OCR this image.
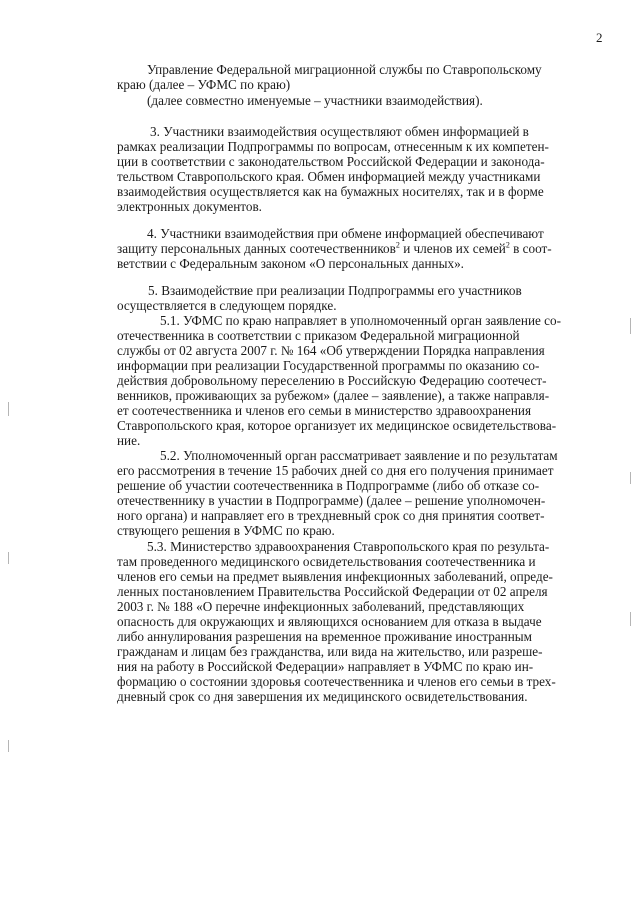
2
Управление Федеральной миграционной службы по Ставропольскому
краю (далее – УФМС по краю)
(далее совместно именуемые – участники взаимодействия).
3. Участники взаимодействия осуществляют обмен информацией в
рамках реализации Подпрограммы по вопросам, отнесенным к их компетен-
ции в соответствии с законодательством Российской Федерации и законода-
тельством Ставропольского края. Обмен информацией между участниками
взаимодействия осуществляется как на бумажных носителях, так и в форме
электронных документов.
4. Участники взаимодействия при обмене информацией обеспечивают
защиту персональных данных соотечественников$^2$ и членов их семей$^2$ в соот-
ветствии с Федеральным законом «О персональных данных».
5. Взаимодействие при реализации Подпрограммы его участников
осуществляется в следующем порядке.
5.1. УФМС по краю направляет в уполномоченный орган заявление со-
отечественника в соответствии с приказом Федеральной миграционной
службы от 02 августа 2007 г. № 164 «Об утверждении Порядка направления
информации при реализации Государственной программы по оказанию со-
действия добровольному переселению в Российскую Федерацию соотечест-
венников, проживающих за рубежом» (далее – заявление), а также направля-
ет соотечественника и членов его семьи в министерство здравоохранения
Ставропольского края, которое организует их медицинское освидетельствова-
ние.
5.2. Уполномоченный орган рассматривает заявление и по результатам
его рассмотрения в течение 15 рабочих дней со дня его получения принимает
решение об участии соотечественника в Подпрограмме (либо об отказе со-
отечественнику в участии в Подпрограмме) (далее – решение уполномочен-
ного органа) и направляет его в трехдневный срок со дня принятия соответ-
ствующего решения в УФМС по краю.
5.3. Министерство здравоохранения Ставропольского края по результа-
там проведенного медицинского освидетельствования соотечественника и
членов его семьи на предмет выявления инфекционных заболеваний, опреде-
ленных постановлением Правительства Российской Федерации от 02 апреля
2003 г. № 188 «О перечне инфекционных заболеваний, представляющих
опасность для окружающих и являющихся основанием для отказа в выдаче
либо аннулирования разрешения на временное проживание иностранным
гражданам и лицам без гражданства, или вида на жительство, или разреше-
ния на работу в Российской Федерации» направляет в УФМС по краю ин-
формацию о состоянии здоровья соотечественника и членов его семьи в трех-
дневный срок со дня завершения их медицинского освидетельствования.
